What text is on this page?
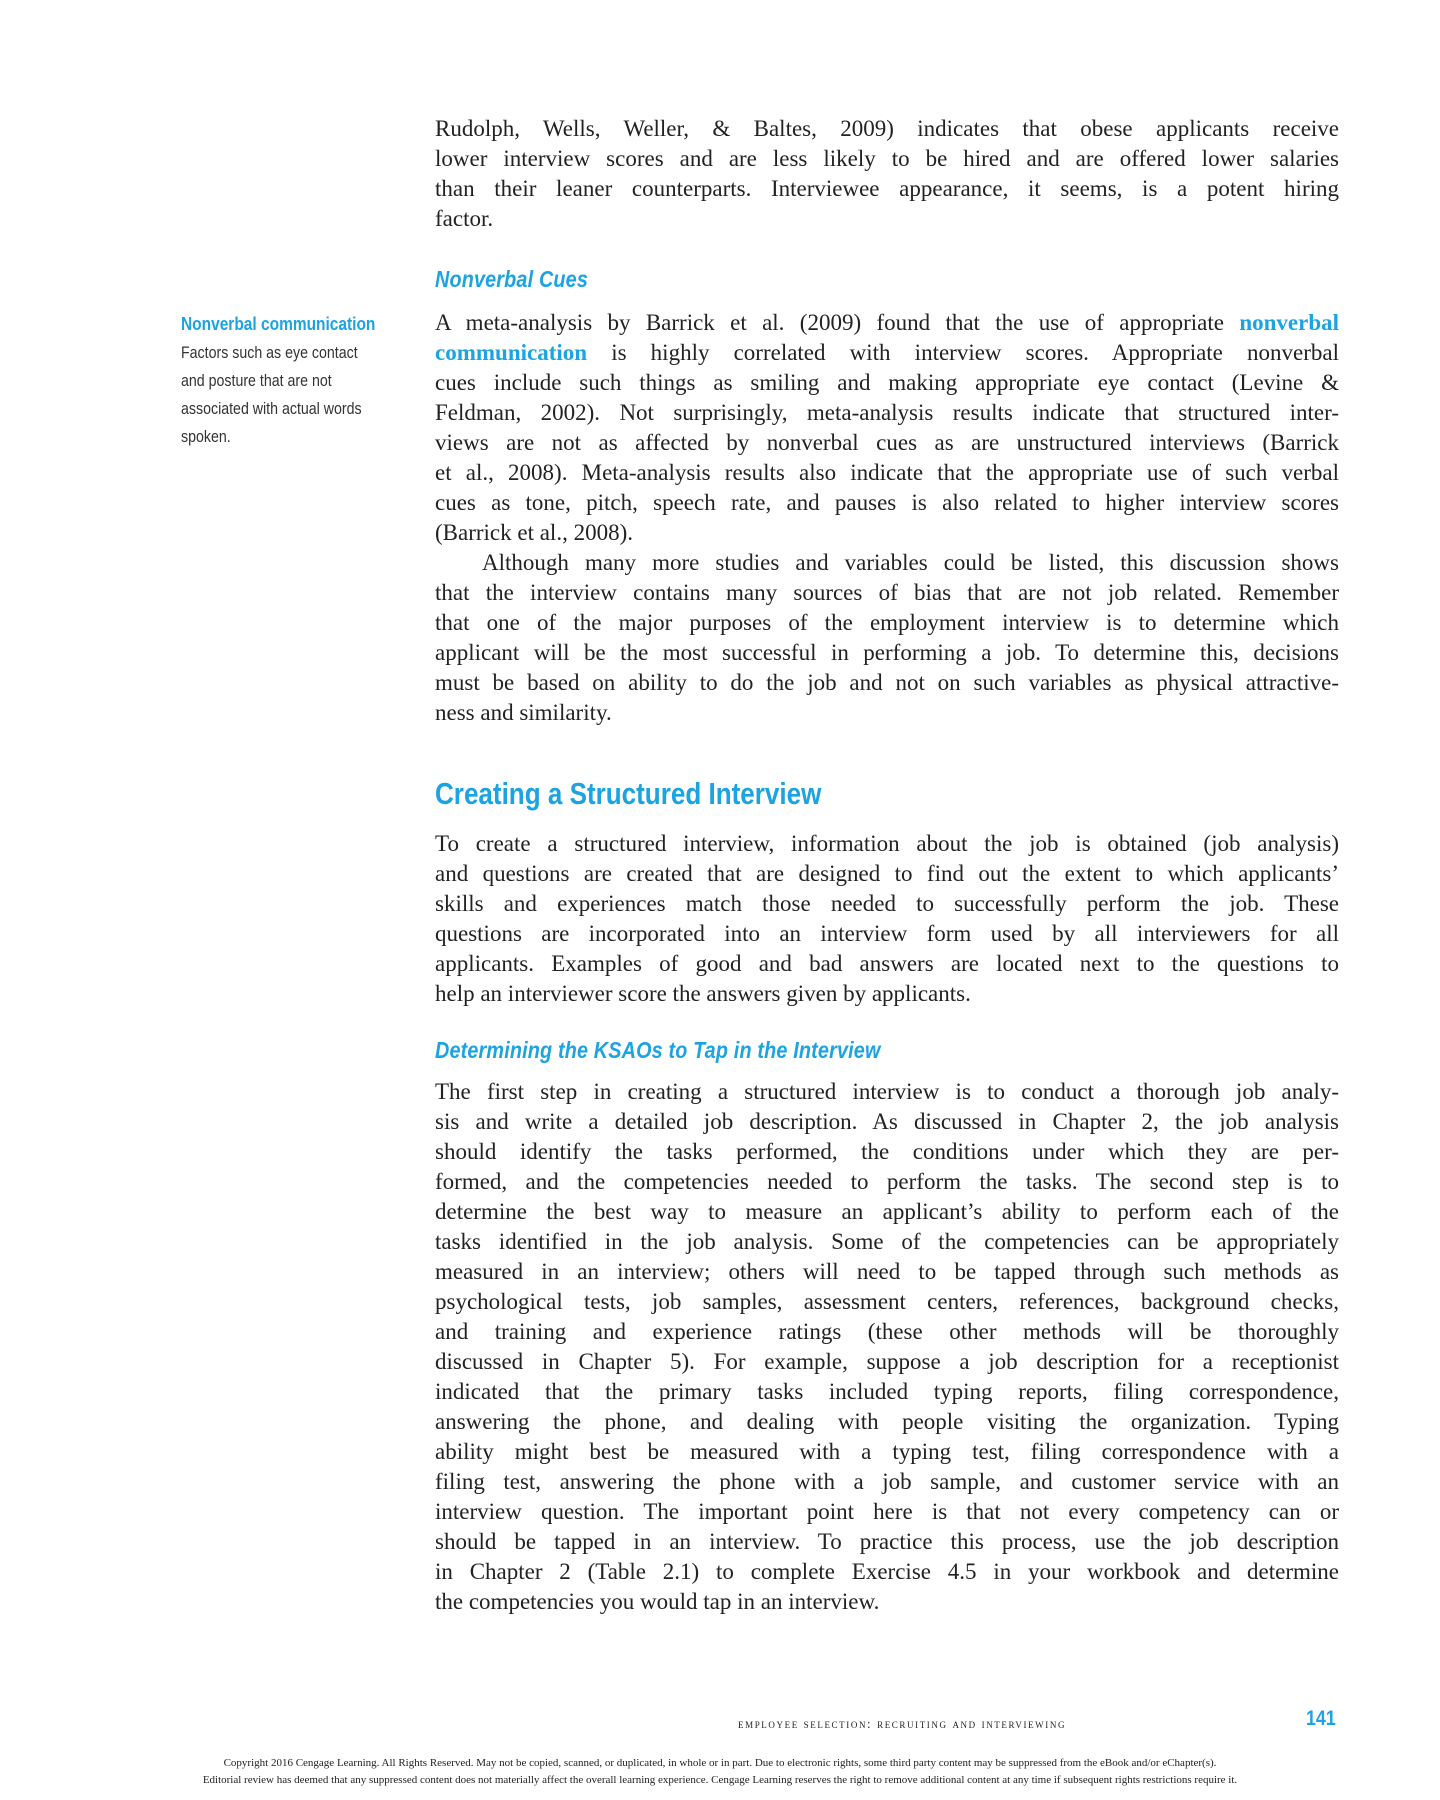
Rudolph, Wells, Weller, & Baltes, 2009) indicates that obese applicants receive
lower interview scores and are less likely to be hired and are offered lower salaries
than their leaner counterparts. Interviewee appearance, it seems, is a potent hiring
factor.
A meta-analysis by Barrick et al. (2009) found that the use of appropriate nonverbal
communication is highly correlated with interview scores. Appropriate nonverbal
cues include such things as smiling and making appropriate eye contact (Levine &
Feldman, 2002). Not surprisingly, meta-analysis results indicate that structured inter-
views are not as affected by nonverbal cues as are unstructured interviews (Barrick
et al., 2008). Meta-analysis results also indicate that the appropriate use of such verbal
cues as tone, pitch, speech rate, and pauses is also related to higher interview scores
(Barrick et al., 2008).
Although many more studies and variables could be listed, this discussion shows
that the interview contains many sources of bias that are not job related. Remember
that one of the major purposes of the employment interview is to determine which
applicant will be the most successful in performing a job. To determine this, decisions
must be based on ability to do the job and not on such variables as physical attractive-
ness and similarity.
To create a structured interview, information about the job is obtained (job analysis)
and questions are created that are designed to find out the extent to which applicants’
skills and experiences match those needed to successfully perform the job. These
questions are incorporated into an interview form used by all interviewers for all
applicants. Examples of good and bad answers are located next to the questions to
help an interviewer score the answers given by applicants.
The first step in creating a structured interview is to conduct a thorough job analy-
sis and write a detailed job description. As discussed in Chapter 2, the job analysis
should identify the tasks performed, the conditions under which they are per-
formed, and the competencies needed to perform the tasks. The second step is to
determine the best way to measure an applicant’s ability to perform each of the
tasks identified in the job analysis. Some of the competencies can be appropriately
measured in an interview; others will need to be tapped through such methods as
psychological tests, job samples, assessment centers, references, background checks,
and training and experience ratings (these other methods will be thoroughly
discussed in Chapter 5). For example, suppose a job description for a receptionist
indicated that the primary tasks included typing reports, filing correspondence,
answering the phone, and dealing with people visiting the organization. Typing
ability might best be measured with a typing test, filing correspondence with a
filing test, answering the phone with a job sample, and customer service with an
interview question. The important point here is that not every competency can or
should be tapped in an interview. To practice this process, use the job description
in Chapter 2 (Table 2.1) to complete Exercise 4.5 in your workbook and determine
the competencies you would tap in an interview.
Nonverbal Cues
Creating a Structured Interview
Determining the KSAOs to Tap in the Interview
Nonverbal communication Factors such as eye contact and posture that are not associated with actual words spoken.
employee selection: recruiting and interviewing	141
Copyright 2016 Cengage Learning. All Rights Reserved. May not be copied, scanned, or duplicated, in whole or in part. Due to electronic rights, some third party content may be suppressed from the eBook and/or eChapter(s).
Editorial review has deemed that any suppressed content does not materially affect the overall learning experience. Cengage Learning reserves the right to remove additional content at any time if subsequent rights restrictions require it.
